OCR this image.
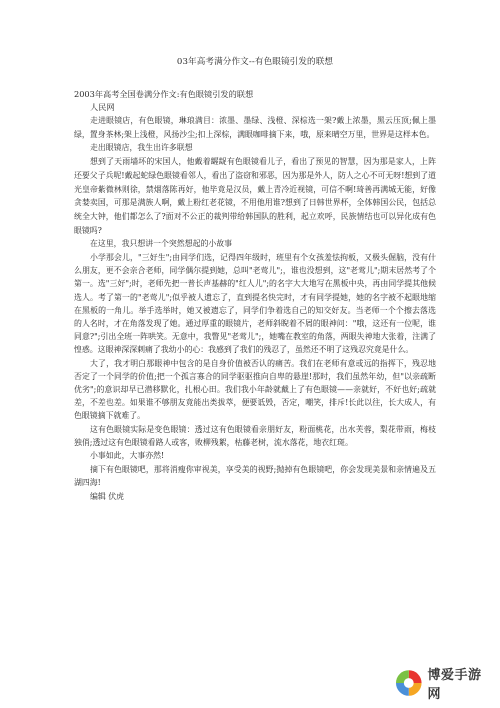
03年高考满分作文--有色眼镜引发的联想
2003年高考全国卷满分作文:有色眼镜引发的联想
人民网
走进眼镜店，有色眼镜，琳琅满目：浓墨、墨绿、浅橙、深棕选一架?戴上浓墨，黑云压顶;佩上墨绿，置身茶林;架上浅橙，风扬沙尘;扣上深棕，满眼咖啡摘下来，哦，原来晴空万里，世界是这样本色。
走出眼镜店，我生出许多联想
想到了天雨墙坏的宋国人，他戴着龌龊有色眼镜看儿子，看出了预见的智慧，因为那是家人，上阵还要父子兵呢!戴起蛇绿色眼镜看邻人，看出了盗窃和邪恶，因为那是外人，防人之心不可无呀!想到了道光皇帝紫微林则徐，禁烟落陈再好，他毕竟是汉员，戴上青冷近视镜，可信不啊!琦善再满城无能，好像贪婪卖国，可那是满族人啊，戴上粉红老花镜，不用他用谁?想到了日韩世界杯，全体韩国公民，包括总统全大钟，他们都怎么了?面对不公正的裁判带给韩国队的胜利，起立欢呼，民族情结也可以异化成有色眼镜吗?
在这里，我只想讲一个突然想起的小故事
小学那会儿，"三好生";由同学们选，记得四年级时，班里有个女孩羞怯拘板，又极头倔脑，没有什么朋友，更不会亲合老师，同学偶尔提到她，总叫"老莺儿";，谁也没想到，这"老莺儿";期末居然考了个第一。选"三好";时，老师先把一普长声基赫的"红人儿";的名字大大地写在黑板中央，再由同学提其他候选人。考了第一的"老莺儿";似乎被人遗忘了，直到提名快完时，才有同学提她，她的名字被不起眼地缩在黑板的一角儿。举手选举时，她又被遗忘了，同学们争着选自己的知交好友。当老师一个个擦去落选的人名时，才在角落发现了她。通过厚重的眼镜片，老师斜睨着不屑的眼神问："哦，这还有一位呢，谁同意?";引出全班一阵哄笑。无意中，我瞥见"老莺儿";，她嘴在教室的角落，两眼失神地大张着，注满了惶惑。这眼神深深刺痛了我幼小的心：我感到了我们的残忍了，虽然还不明了这残忍究竟是什么。
大了，我才明白那眼神中包含的是自身价值被否认的痛苦。我们在老师有意或远的指挥下，残忍地否定了一个同学的价值;把一个孤言寡合的同学驱驱推向自卑的悬崖!那时，我们虽然年幼，但"以亲疏断优劣";的意识却早已潜移默化，扎根心田。我们我小年龄就戴上了有色眼镜——亲就好，不好也好;疏就差，不差也差。如果谁不够朋友竟能出类拔萃，便要诋毁，否定，嘲笑，排斥!长此以往，长大成人，有色眼镜摘下就难了。
这有色眼镜实际是变色眼镜：透过这有色眼镜看亲朋好友，粉面桃花，出水芙蓉，梨花带雨，梅枝独俏;透过这有色眼镜看路人或客，败柳残絮，枯藤老树，流水落花，地衣红斑。
小事如此，大事亦然!
摘下有色眼镜吧，那将消瘦你审视美，享受美的视野;抛掉有色眼镜吧，你会发现美景和亲情遍及五湖四海!
编辑 伏虎
博爱手游网
